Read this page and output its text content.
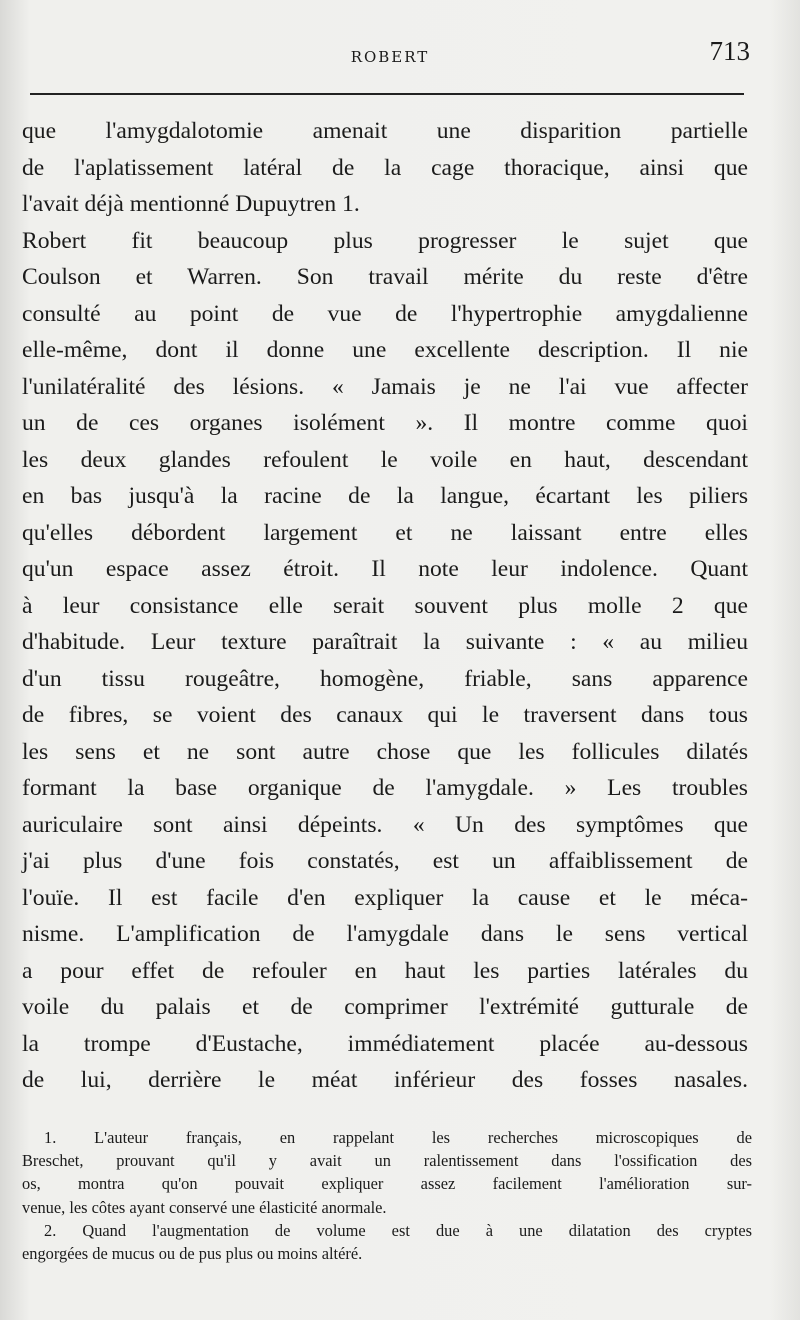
ROBERT	713
que l'amygdalotomie amenait une disparition partielle
de l'aplatissement latéral de la cage thoracique, ainsi que
l'avait déjà mentionné Dupuytren 1.
Robert fit beaucoup plus progresser le sujet que
Coulson et Warren. Son travail mérite du reste d'être
consulté au point de vue de l'hypertrophie amygdalienne
elle-même, dont il donne une excellente description. Il nie
l'unilatéralité des lésions. « Jamais je ne l'ai vue affecter
un de ces organes isolément ». Il montre comme quoi
les deux glandes refoulent le voile en haut, descendant
en bas jusqu'à la racine de la langue, écartant les piliers
qu'elles débordent largement et ne laissant entre elles
qu'un espace assez étroit. Il note leur indolence. Quant
à leur consistance elle serait souvent plus molle 2 que
d'habitude. Leur texture paraîtrait la suivante : « au milieu
d'un tissu rougeâtre, homogène, friable, sans apparence
de fibres, se voient des canaux qui le traversent dans tous
les sens et ne sont autre chose que les follicules dilatés
formant la base organique de l'amygdale. » Les troubles
auriculaire sont ainsi dépeints. « Un des symptômes que
j'ai plus d'une fois constatés, est un affaiblissement de
l'ouïe. Il est facile d'en expliquer la cause et le méca-
nisme. L'amplification de l'amygdale dans le sens vertical
a pour effet de refouler en haut les parties latérales du
voile du palais et de comprimer l'extrémité gutturale de
la trompe d'Eustache, immédiatement placée au-dessous
de lui, derrière le méat inférieur des fosses nasales.
1. L'auteur français, en rappelant les recherches microscopiques de
Breschet, prouvant qu'il y avait un ralentissement dans l'ossification des
os, montra qu'on pouvait expliquer assez facilement l'amélioration sur-
venue, les côtes ayant conservé une élasticité anormale.
2. Quand l'augmentation de volume est due à une dilatation des cryptes
engorgées de mucus ou de pus plus ou moins altéré.
